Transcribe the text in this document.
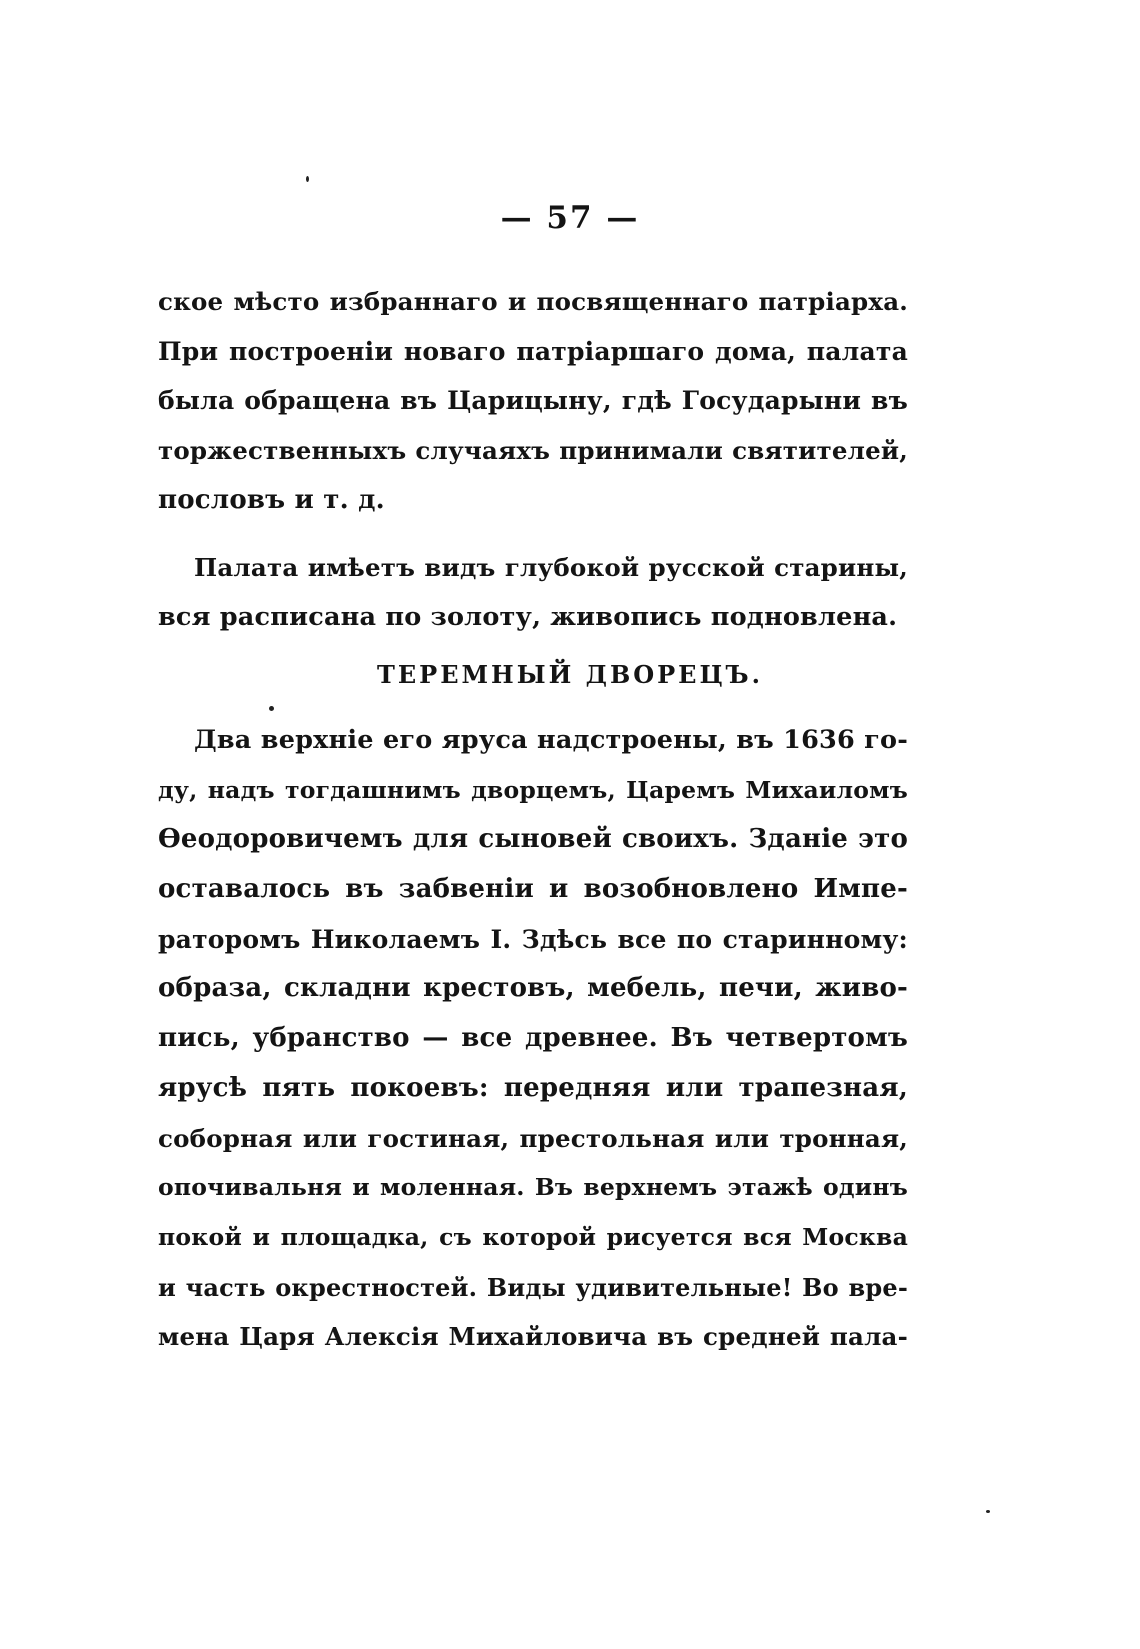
— 57 —
ское мѣсто избраннаго и посвященнаго патріарха.
При построеніи новаго патріаршаго дома, палата
была обращена въ Царицыну, гдѣ Государыни въ
торжественныхъ случаяхъ принимали святителей,
пословъ и т. д.
Палата имѣетъ видъ глубокой русской старины,
вся расписана по золоту, живопись подновлена.
ТЕРЕМНЫЙ ДВОРЕЦЪ.
Два верхніе его яруса надстроены, въ 1636 го-
ду, надъ тогдашнимъ дворцемъ, Царемъ Михаиломъ
Ѳеодоровичемъ для сыновей своихъ. Зданіе это
оставалось въ забвеніи и возобновлено Импе-
раторомъ Николаемъ I. Здѣсь все по старинному:
образа, складни крестовъ, мебель, печи, живо-
пись, убранство — все древнее. Въ четвертомъ
ярусѣ пять покоевъ: передняя или трапезная,
соборная или гостиная, престольная или тронная,
опочивальня и моленная. Въ верхнемъ этажѣ одинъ
покой и площадка, съ которой рисуется вся Москва
и часть окрестностей. Виды удивительные! Во вре-
мена Царя Алексія Михайловича въ средней пала-
